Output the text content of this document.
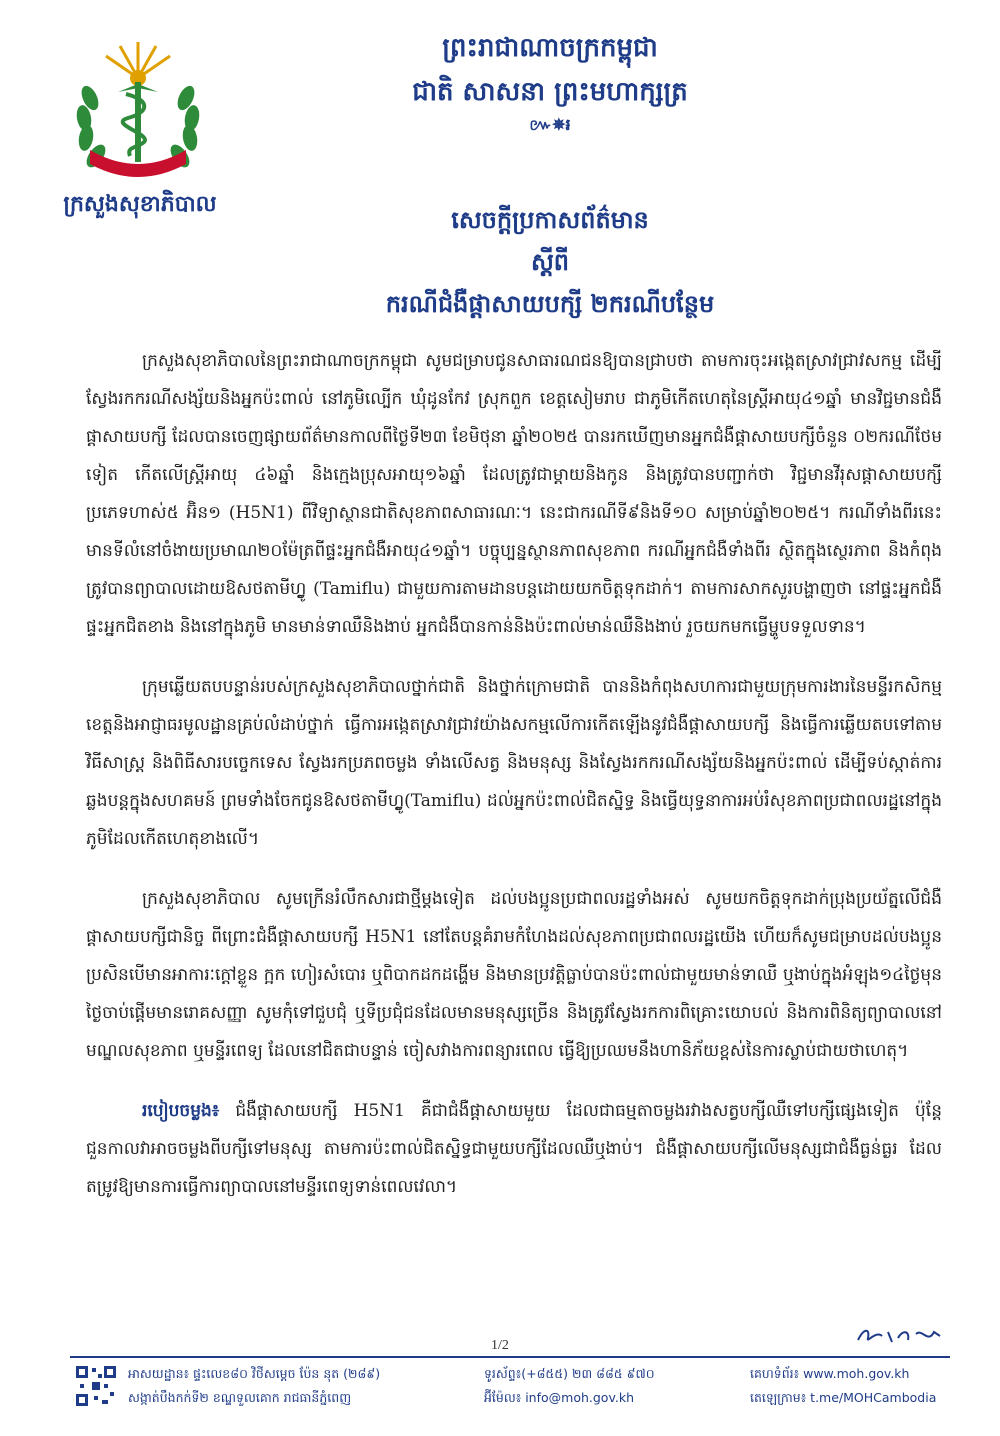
ក្រសួងសុខាភិបាល
ព្រះរាជាណាចក្រកម្ពុជា
ជាតិ សាសនា ព្រះមហាក្សត្រ
៚✵៛
សេចក្ដីប្រកាសព័ត៌មាន
ស្ដីពី
ករណីជំងឺផ្ដាសាយបក្សី ២ករណីបន្ថែម

ក្រសួងសុខាភិបាលនៃព្រះរាជាណាចក្រកម្ពុជា សូមជម្រាបជូនសាធារណជនឱ្យបានជ្រាបថា តាមការចុះអង្កេតស្រាវជ្រាវសកម្ម ដើម្បីស្វែងរកករណីសង្ស័យនិងអ្នកប៉ះពាល់ នៅភូមិល្បើក ឃុំដូនកែវ ស្រុកពួក ខេត្តសៀមរាប ជាភូមិកើតហេតុនៃស្ត្រីអាយុ៤១ឆ្នាំ មានវិជ្ជមានជំងឺផ្ដាសាយបក្សី ដែលបានចេញផ្សាយព័ត៌មានកាលពីថ្ងៃទី២៣ ខែមិថុនា ឆ្នាំ២០២៥ បានរកឃើញមានអ្នកជំងឺផ្ដាសាយបក្សីចំនួន ០២ករណីថែមទៀត កើតលើស្ត្រីអាយុ ៤៦ឆ្នាំ និងក្មេងប្រុសអាយុ១៦ឆ្នាំ ដែលត្រូវជាម្ដាយនិងកូន និងត្រូវបានបញ្ជាក់ថា វិជ្ជមានវីរុសផ្ដាសាយបក្សីប្រភេទហាស់៥ អ៊ិន១ (H5N1) ពីវិទ្យាស្ថានជាតិសុខភាពសាធារណៈ។ នេះជាករណីទី៩និងទី១០ សម្រាប់ឆ្នាំ២០២៥។ ករណីទាំងពីរនេះ មានទីលំនៅចំងាយប្រមាណ២០ម៉ែត្រពីផ្ទះអ្នកជំងឺអាយុ៤១ឆ្នាំ។ បច្ចុប្បន្នស្ថានភាពសុខភាព ករណីអ្នកជំងឺទាំងពីរ ស្ថិតក្នុងស្ថេរភាព និងកំពុងត្រូវបានព្យាបាលដោយឱសថតាមីហ្វ្លូ (Tamiflu) ជាមួយការតាមដានបន្តដោយយកចិត្តទុកដាក់។ តាមការសាកសួរបង្ហាញថា នៅផ្ទះអ្នកជំងឺ ផ្ទះអ្នកជិតខាង និងនៅក្នុងភូមិ មានមាន់ទាឈឺនិងងាប់ អ្នកជំងឺបានកាន់និងប៉ះពាល់មាន់ឈឺនិងងាប់ រួចយកមកធ្វើម្ហូបទទួលទាន។

ក្រុមឆ្លើយតបបន្ទាន់របស់ក្រសួងសុខាភិបាលថ្នាក់ជាតិ និងថ្នាក់ក្រោមជាតិ បាននិងកំពុងសហការជាមួយក្រុមការងារនៃមន្ទីរកសិកម្មខេត្តនិងអាជ្ញាធរមូលដ្ឋានគ្រប់លំដាប់ថ្នាក់ ធ្វើការអង្កេតស្រាវជ្រាវយ៉ាងសកម្មលើការកើតឡើងនូវជំងឺផ្ដាសាយបក្សី និងធ្វើការឆ្លើយតបទៅតាមវិធីសាស្ត្រ និងពិធីសារបច្ចេកទេស ស្វែងរកប្រភពចម្លង ទាំងលើសត្វ និងមនុស្ស និងស្វែងរកករណីសង្ស័យនិងអ្នកប៉ះពាល់ ដើម្បីទប់ស្កាត់ការឆ្លងបន្តក្នុងសហគមន៍ ព្រមទាំងចែកជូនឱសថតាមីហ្វ្លូ(Tamiflu) ដល់អ្នកប៉ះពាល់ជិតស្និទ្ធ និងធ្វើយុទ្ធនាការអប់រំសុខភាពប្រជាពលរដ្ឋនៅក្នុងភូមិដែលកើតហេតុខាងលើ។

ក្រសួងសុខាភិបាល សូមក្រើនរំលឹកសារជាថ្មីម្ដងទៀត ដល់បងប្អូនប្រជាពលរដ្ឋទាំងអស់ សូមយកចិត្តទុកដាក់ប្រុងប្រយ័ត្នលើជំងឺផ្ដាសាយបក្សីជានិច្ច ពីព្រោះជំងឺផ្ដាសាយបក្សី H5N1 នៅតែបន្តគំរាមកំហែងដល់សុខភាពប្រជាពលរដ្ឋយើង ហើយក៏សូមជម្រាបដល់បងប្អូន ប្រសិនបើមានអាការៈក្ដៅខ្លួន ក្អក ហៀរសំបោរ ឬពិបាកដកដង្ហើម និងមានប្រវត្តិធ្លាប់បានប៉ះពាល់ជាមួយមាន់ទាឈឺ ឬងាប់ក្នុងអំឡុង១៤ថ្ងៃមុនថ្ងៃចាប់ផ្ដើមមានរោគសញ្ញា សូមកុំទៅជួបជុំ ឬទីប្រជុំជនដែលមានមនុស្សច្រើន និងត្រូវស្វែងរកការពិគ្រោះយោបល់ និងការពិនិត្យព្យាបាលនៅមណ្ឌលសុខភាព ឬមន្ទីរពេទ្យ ដែលនៅជិតជាបន្ទាន់ ចៀសវាងការពន្យារពេល ធ្វើឱ្យប្រឈមនឹងហានិភ័យខ្ពស់នៃការស្លាប់ជាយថាហេតុ។

របៀបចម្លង៖ ជំងឺផ្ដាសាយបក្សី H5N1 គឺជាជំងឺផ្ដាសាយមួយ ដែលជាធម្មតាចម្លងរវាងសត្វបក្សីឈឺទៅបក្សីផ្សេងទៀត ប៉ុន្តែជួនកាលវាអាចចម្លងពីបក្សីទៅមនុស្ស តាមការប៉ះពាល់ជិតស្និទ្ធជាមួយបក្សីដែលឈឺឬងាប់។ ជំងឺផ្ដាសាយបក្សីលើមនុស្សជាជំងឺធ្ងន់ធ្ងរ ដែលតម្រូវឱ្យមានការធ្វើការព្យាបាលនៅមន្ទីរពេទ្យទាន់ពេលវេលា។

1/2
អាសយដ្ឋាន៖ ផ្ទះលេខ៨០ វិថីសម្ដេច ប៉ែន នុត (២៨៩)
សង្កាត់បឹងកក់ទី២ ខណ្ឌទួលគោក រាជធានីភ្នំពេញ
ទូរស័ព្ទ៖(+៨៥៥) ២៣ ៨៨៥ ៩៧០
អ៊ីម៉ែល៖ info@moh.gov.kh
គេហទំព័រ៖ www.moh.gov.kh
តេឡេក្រាម៖ t.me/MOHCambodia
